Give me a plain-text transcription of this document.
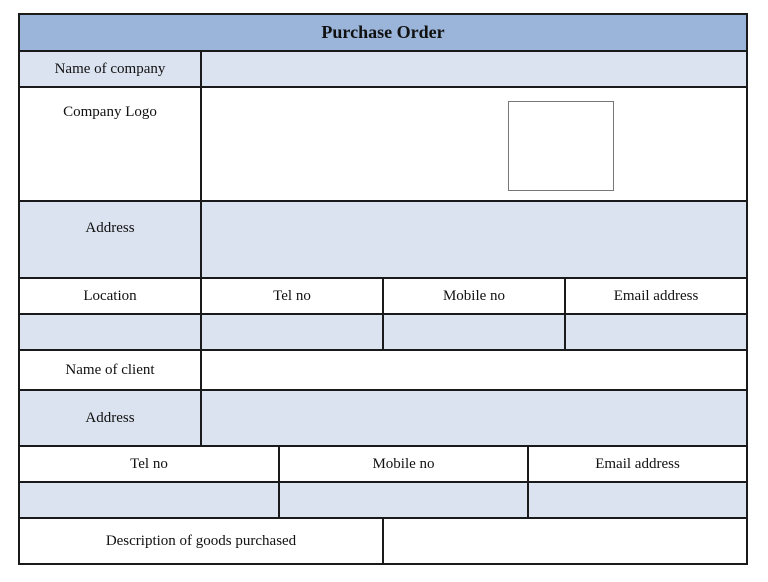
Purchase Order
Name of company
Company Logo
Address
Location	Tel no	Mobile no	Email address
Name of client
Address
Tel no	Mobile no	Email address
Description of goods purchased
